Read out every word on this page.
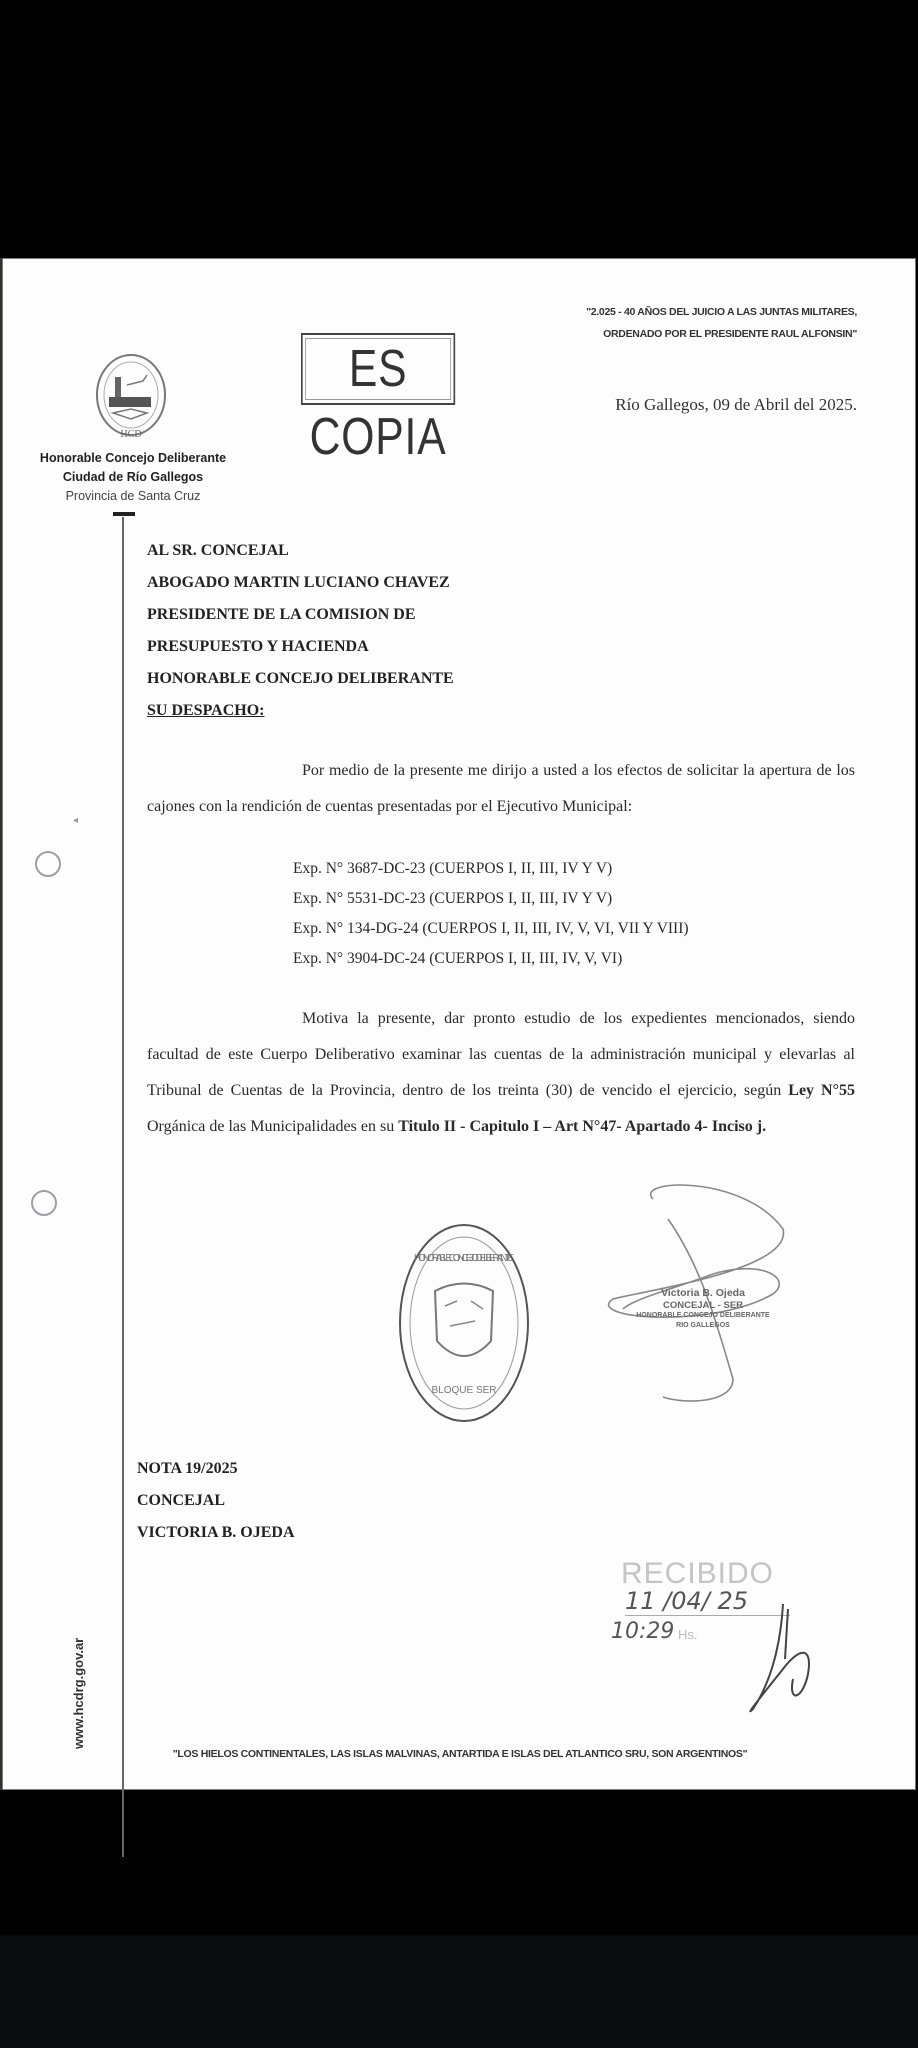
"2.025 - 40 AÑOS DEL JUICIO A LAS JUNTAS MILITARES,
ORDENADO POR EL PRESIDENTE RAUL ALFONSIN"
HCD
Honorable Concejo Deliberante
Ciudad de Río Gallegos
Provincia de Santa Cruz
ES COPIA
Río Gallegos, 09 de Abril del 2025.
◂
AL SR. CONCEJAL
ABOGADO MARTIN LUCIANO CHAVEZ
PRESIDENTE DE LA COMISION DE
PRESUPUESTO Y HACIENDA
HONORABLE CONCEJO DELIBERANTE
SU DESPACHO:
Por medio de la presente me dirijo a usted a los efectos de solicitar la apertura de los cajones con la rendición de cuentas presentadas por el Ejecutivo Municipal:
Exp. N° 3687-DC-23 (CUERPOS I, II, III, IV Y V)
Exp. N° 5531-DC-23 (CUERPOS I, II, III, IV Y V)
Exp. N° 134-DG-24 (CUERPOS I, II, III, IV, V, VI, VII Y VIII)
Exp. N° 3904-DC-24 (CUERPOS I, II, III, IV, V, VI)
Motiva la presente, dar pronto estudio de los expedientes mencionados, siendo facultad de este Cuerpo Deliberativo examinar las cuentas de la administración municipal y elevarlas al Tribunal de Cuentas de la Provincia, dentro de los treinta (30) de vencido el ejercicio, según Ley N°55 Orgánica de las Municipalidades en su Titulo II - Capitulo I – Art N°47- Apartado 4- Inciso j.
HONORABLE CONCEJO DELIBERANTE
BLOQUE SER
Victoria B. Ojeda
CONCEJAL - SER
HONORABLE CONCEJO DELIBERANTE
RIO GALLEGOS
www.hcdrg.gov.ar
NOTA 19/2025
CONCEJAL
VICTORIA B. OJEDA
RECIBIDO
11 /04/ 25
10:29 Hs.
"LOS HIELOS CONTINENTALES, LAS ISLAS MALVINAS, ANTARTIDA E ISLAS DEL ATLANTICO SRU, SON ARGENTINOS"
